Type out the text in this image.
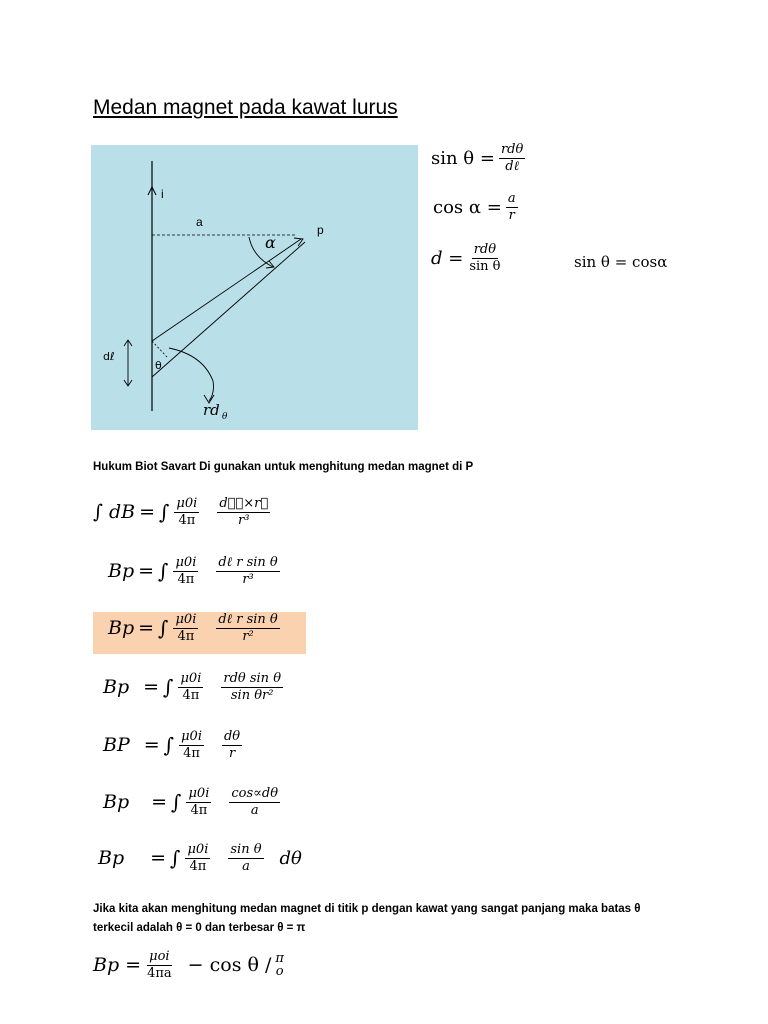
Medan magnet pada kawat lurus
i
a
p
α
θ
rd θ
dℓ
$\sin \theta = \frac{\text{rdθ}}{\text{dℓ}}$
$\cos \alpha = \frac{a}{r}$
$d = \frac{\text{rdθ}}{\text{sin θ}}$	sin θ = cosα
Hukum Biot Savart Di gunakan untuk menghitung medan magnet di P
∫ dB = ∫ $\frac{\mu 0i}{4\pi} \frac{\text{dℓ⃗×r⃗}}{\text{r³}}$
Bp = ∫ $\frac{\mu 0i}{4\pi} \frac{\text{dℓ r sin θ}}{\text{r³}}$
Bp = ∫ $\frac{\mu 0i}{4\pi} \frac{\text{dℓ r sin θ}}{\text{r²}}$
Bp = ∫ $\frac{\mu 0i}{4\pi} \frac{\text{rdθ sin θ}}{\text{sin θr²}}$
BP = ∫ $\frac{\mu 0i}{4\pi} \frac{d\theta}{r}$
Bp = ∫ $\frac{\mu 0i}{4\pi} \frac{\cos\propto d\theta}{a}$
Bp = ∫ $\frac{\mu 0i}{4\pi} \frac{\text{sin θ}}{a}$ dθ
Jika kita akan menghitung medan magnet di titik p dengan kawat yang sangat panjang maka batas θ
terkecil adalah θ = 0 dan terbesar θ = π
$Bp = \frac{\text{μoi}}{4\pi a} - \cos \theta / \pi$
o
